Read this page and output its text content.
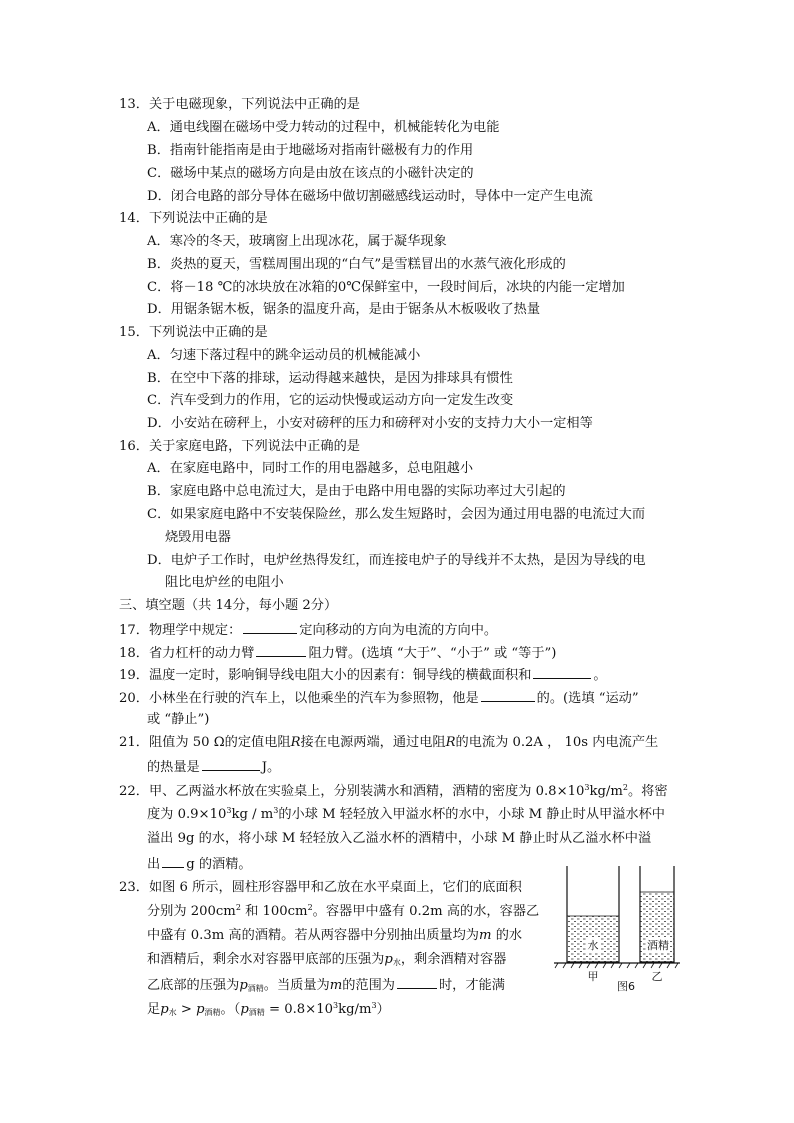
13．关于电磁现象，下列说法中正确的是
A．通电线圈在磁场中受力转动的过程中，机械能转化为电能
B．指南针能指南是由于地磁场对指南针磁极有力的作用
C．磁场中某点的磁场方向是由放在该点的小磁针决定的
D．闭合电路的部分导体在磁场中做切割磁感线运动时，导体中一定产生电流
14．下列说法中正确的是
A．寒冷的冬天，玻璃窗上出现冰花，属于凝华现象
B．炎热的夏天，雪糕周围出现的“白气”是雪糕冒出的水蒸气液化形成的
C．将－18 ℃的冰块放在冰箱的0℃保鲜室中，一段时间后，冰块的内能一定增加
D．用锯条锯木板，锯条的温度升高，是由于锯条从木板吸收了热量
15．下列说法中正确的是
A．匀速下落过程中的跳伞运动员的机械能减小
B．在空中下落的排球，运动得越来越快，是因为排球具有惯性
C．汽车受到力的作用，它的运动快慢或运动方向一定发生改变
D．小安站在磅秤上，小安对磅秤的压力和磅秤对小安的支持力大小一定相等
16．关于家庭电路，下列说法中正确的是
A．在家庭电路中，同时工作的用电器越多，总电阻越小
B．家庭电路中总电流过大，是由于电路中用电器的实际功率过大引起的
C．如果家庭电路中不安装保险丝，那么发生短路时，会因为通过用电器的电流过大而
烧毁用电器
D．电炉子工作时，电炉丝热得发红，而连接电炉子的导线并不太热，是因为导线的电
阻比电炉丝的电阻小
三、填空题（共 14分，每小题 2分）
17．物理学中规定：	定向移动的方向为电流的方向中。
18．省力杠杆的动力臂	阻力臂。(选填 “大于”、“小于” 或 “等于”)
19．温度一定时，影响铜导线电阻大小的因素有：铜导线的横截面积和	。
20．小林坐在行驶的汽车上，以他乘坐的汽车为参照物，他是	的。(选填 “运动”
或 “静止”)
21．阻值为 50 Ω的定值电阻R接在电源两端，通过电阻R的电流为 0.2A ， 10s 内电流产生
的热量是	J。
22．甲、乙两溢水杯放在实验桌上，分别装满水和酒精，酒精的密度为 $0.8\times 10^3kg/m^2$。将密
度为 $0.9\times 10^3kg / m^3$的小球 M 轻轻放入甲溢水杯的水中，小球 M 静止时从甲溢水杯中
溢出 9g 的水，将小球 M 轻轻放入乙溢水杯的酒精中，小球 M 静止时从乙溢水杯中溢
出 g 的酒精。
23．如图 6 所示，圆柱形容器甲和乙放在水平桌面上，它们的底面积
分别为 $200cm^2$ 和 $100cm^2$。容器甲中盛有 0.2m 高的水，容器乙
中盛有 0.3m 高的酒精。若从两容器中分别抽出质量均为m 的水
和酒精后，剩余水对容器甲底部的压强为$p_水$，剩余酒精对容器
乙底部的压强为$p_{酒精}$。当质量为m的范围为	时，才能满
足$p_水 > p_{酒精}$。$(p_{酒精} = 0.8\times 10^3kg/m^3)$
水	酒精
甲	乙
图6
